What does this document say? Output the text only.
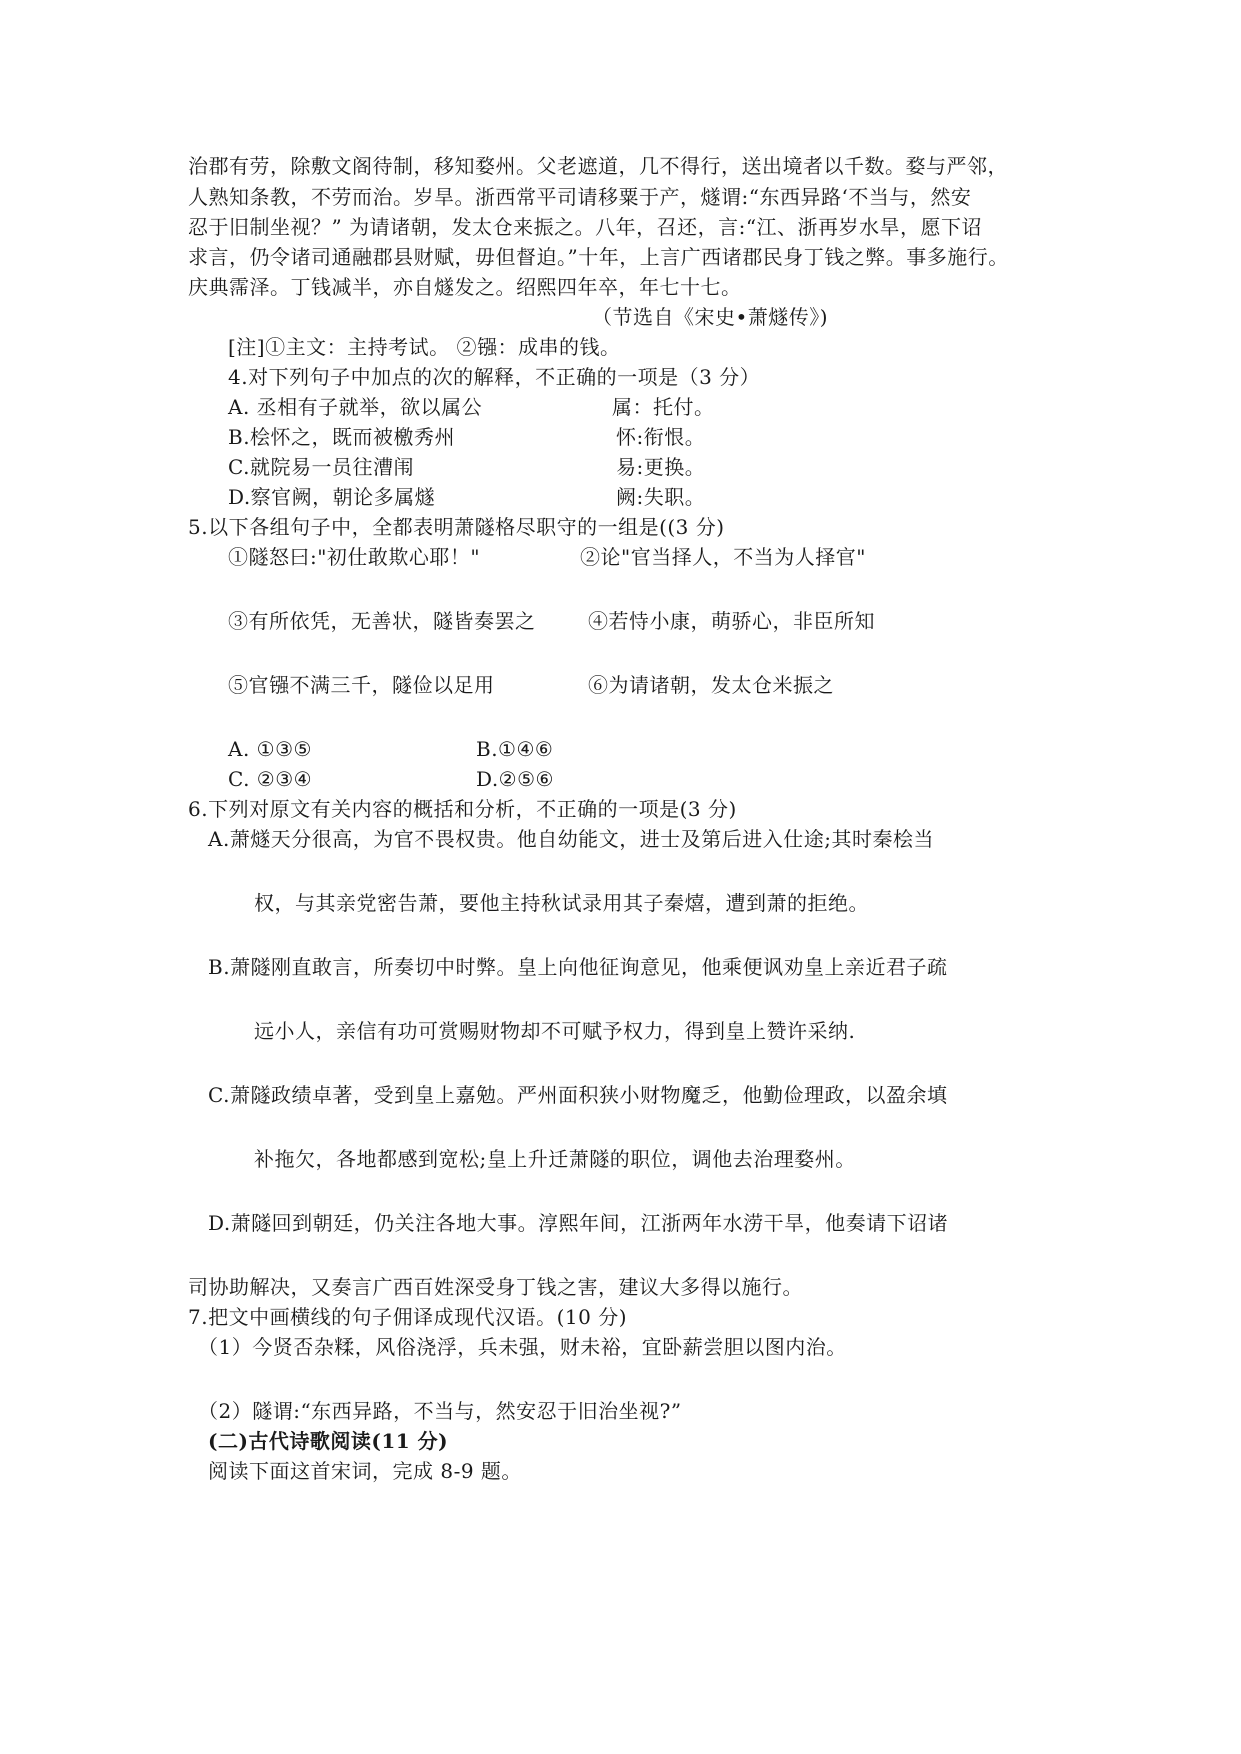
治郡有劳，除敷文阁待制，移知婺州。父老遮道，几不得行，送出境者以千数。婺与严邻，
人熟知条教，不劳而治。岁旱。浙西常平司请移粟于产，燧谓:“东西异路‘不当与，然安
忍于旧制坐视？” 为请诸朝，发太仓来振之。八年，召还，言:“江、浙再岁水旱，愿下诏
求言，仍令诸司通融郡县财赋，毋但督迫。”十年，上言广西诸郡民身丁钱之弊。事多施行。
庆典霈泽。丁钱减半，亦自燧发之。绍熙四年卒，年七十七。
（节选自《宋史•萧燧传》)
[注]①主文：主持考试。 ②镪：成串的钱。
4.对下列句子中加点的次的解释，不正确的一项是（3 分）
A. 丞相有子就举，欲以属公	属：托付。
B.桧怀之，既而被檄秀州	怀:衔恨。
C.就院易一员往漕闱	易:更换。
D.察官阙，朝论多属燧	阙:失职。
5.以下各组句子中，全都表明萧隧格尽职守的一组是((3 分)
①隧怒曰:"初仕敢欺心耶！"	②论"官当择人，不当为人择官"
③有所依凭，无善状，隧皆奏罢之	④若恃小康，萌骄心，非臣所知
⑤官镪不满三千，隧俭以足用	⑥为请诸朝，发太仓米振之
A. ①③⑤	B.①④⑥
C. ②③④	D.②⑤⑥
6.下列对原文有关内容的概括和分析，不正确的一项是(3 分)
A.萧燧天分很高，为官不畏权贵。他自幼能文，进士及第后进入仕途;其时秦桧当
权，与其亲党密告萧，要他主持秋试录用其子秦熺，遭到萧的拒绝。
B.萧隧刚直敢言，所奏切中时弊。皇上向他征询意见，他乘便讽劝皇上亲近君子疏
远小人，亲信有功可赏赐财物却不可赋予权力，得到皇上赞许采纳.
C.萧隧政绩卓著，受到皇上嘉勉。严州面积狭小财物魔乏，他勤俭理政，以盈余填
补拖欠，各地都感到宽松;皇上升迁萧隧的职位，调他去治理婺州。
D.萧隧回到朝廷，仍关注各地大事。淳熙年间，江浙两年水涝干旱，他奏请下诏诸
司协助解决，又奏言广西百姓深受身丁钱之害，建议大多得以施行。
7.把文中画横线的句子佣译成现代汉语。(10 分)
（1）今贤否杂糅，风俗浇浮，兵未强，财未裕，宜卧薪尝胆以图内治。
（2）隧谓:“东西异路，不当与，然安忍于旧治坐视?”
(二)古代诗歌阅读(11 分)
阅读下面这首宋词，完成 8-9 题。
